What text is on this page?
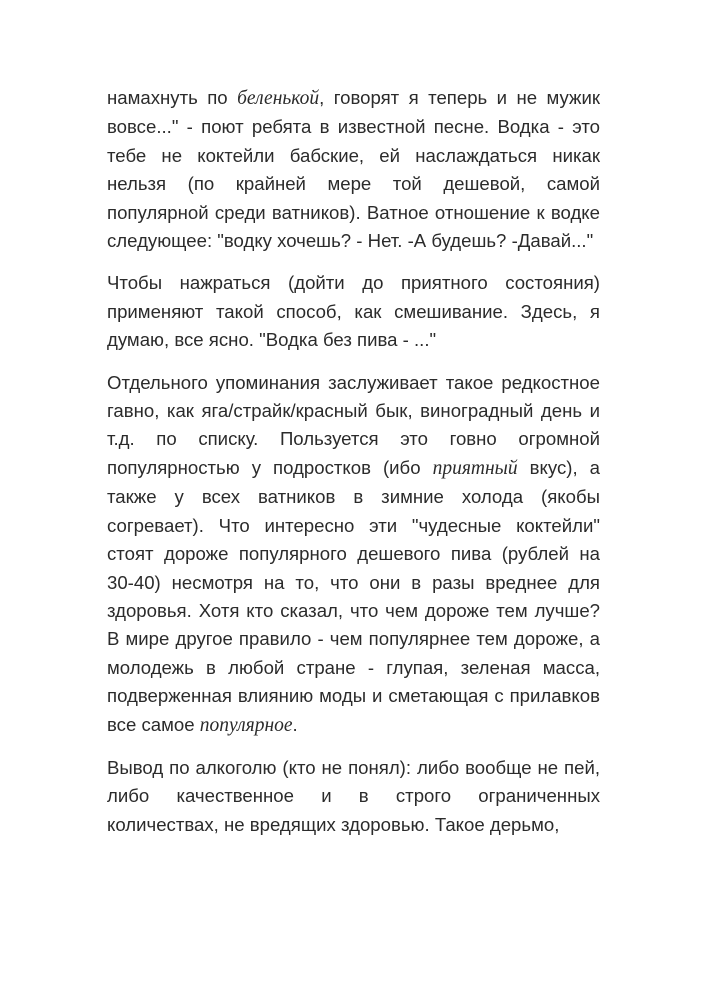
намахнуть по беленькой, говорят я теперь и не мужик вовсе..." - поют ребята в известной песне. Водка - это тебе не коктейли бабские, ей наслаждаться никак нельзя (по крайней мере той дешевой, самой популярной среди ватников). Ватное отношение к водке следующее: "водку хочешь? - Нет. -А будешь? -Давай..."

Чтобы нажраться (дойти до приятного состояния) применяют такой способ, как смешивание. Здесь, я думаю, все ясно. "Водка без пива - ..."

Отдельного упоминания заслуживает такое редкостное гавно, как яга/страйк/красный бык, виноградный день и т.д. по списку. Пользуется это говно огромной популярностью у подростков (ибо приятный вкус), а также у всех ватников в зимние холода (якобы согревает). Что интересно эти "чудесные коктейли" стоят дороже популярного дешевого пива (рублей на 30-40) несмотря на то, что они в разы вреднее для здоровья. Хотя кто сказал, что чем дороже тем лучше? В мире другое правило - чем популярнее тем дороже, а молодежь в любой стране - глупая, зеленая масса, подверженная влиянию моды и сметающая с прилавков все самое популярное.

Вывод по алкоголю (кто не понял): либо вообще не пей, либо качественное и в строго ограниченных количествах, не вредящих здоровью. Такое дерьмо,
